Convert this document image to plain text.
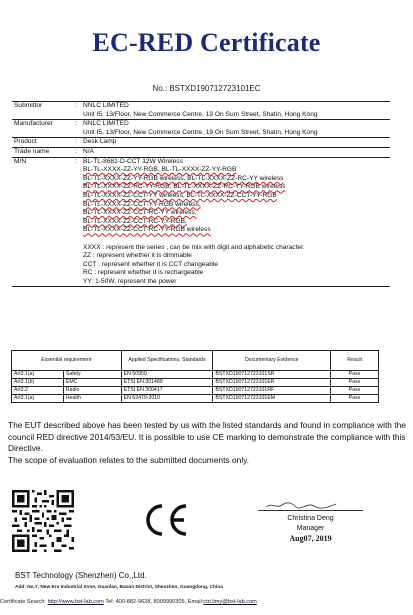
EC-RED Certificate
No.: BSTXD190712723101EC
Submittor	: NNLC LIMITED
Unit I5, 13/Floor, New Commerce Centre, 19 On Sum Street, Shatin, Hong Kong
Manufacturer	: NNLC LIMITED
Unit I5, 13/Floor, New Commerce Centre, 19 On Sum Street, Shatin, Hong Kong
Product	: Desk Lamp
Trade name	: N/A
M/N	: BL-TL-8681-D-CCT 12W Wireless
BL-TL-XXXX-ZZ-YY-RGB, BL-TL-XXXX-ZZ-YY-RGB
BL-TL-XXXX-ZZ-YY-RGB wireless, BL-TL-XXXX-ZZ-RC-YY wireless
BL-TL-XXXX-ZZ-RC-YY-RGB, BL-TL-XXXX-ZZ-RC-YY-RGB wireless
BL-TL-XXXX-ZZ-CCT-YY wireless, BL-TL-XXXX-ZZ-CCT-YY-RGB
BL-TL-XXXX-ZZ-CCT-YY-RGB wireless,
BL-TL-XXXX-ZZ-CCT-RC-YY wireless,
BL-TL-XXXX-ZZ-CCT-RC-YY-RGB,
BL-TL-XXXX-ZZ-CCT-RC-YY-RGB wireless
XXXX : represent the series , can be mix with digit and alphabetic character.
ZZ : represent whether it is dimmable
CCT : represent whether it is CCT changeable
RC : represent whether it is rechargeable
YY: 1-50W, represent the power
Essential requirement		Applied Specifications, Standards	Documentary Evidence	Result
Art3.1(a)	Safety	EN 60950	BSTXD190712723101SR	Pass
Art3.1(b)	EMC	ETSI EN 301489	BSTXD190712723101ER	Pass
Art3.2	Radio	ETSI EN 300417	BSTXD190712723101RF	Pass
Art3.1(a)	Health	EN 62479-2010	BSTXD190712723101EM	Pass
The EUT described above has been tested by us with the listed standards and found in compliance with the council RED directive 2014/53/EU. It is possible to use CE marking to demonstrate the compliance with this Directive.
The scope of evaluation relates to the submitted documents only.
Christina Deng
Manager
Aug07, 2019
BST Technology (Shenzhen) Co.,Ltd.
Add: No.7, New Era Industrial Zone, Guanlan, Baoan District, Shenzhen, Guangdong, China
Certificate Search: http://www.bst-lab.com Tel: 400-882-9628, 8009990305, Email:ctri.limy@bst-lab.com
